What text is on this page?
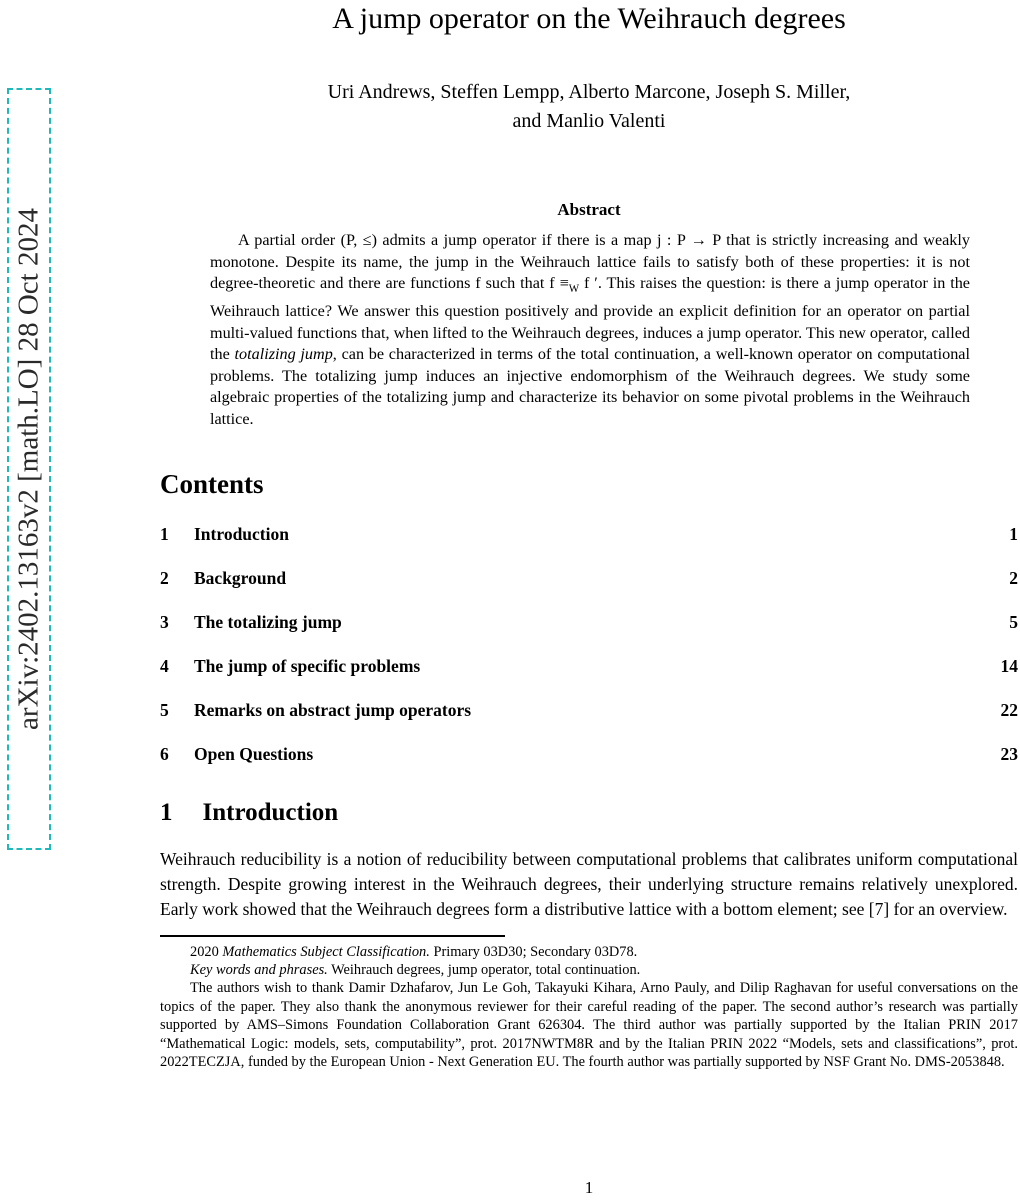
arXiv:2402.13163v2 [math.LO] 28 Oct 2024
A jump operator on the Weihrauch degrees
Uri Andrews, Steffen Lempp, Alberto Marcone, Joseph S. Miller,
and Manlio Valenti
Abstract
A partial order (P, ≤) admits a jump operator if there is a map j : P → P that is strictly increasing and weakly monotone. Despite its name, the jump in the Weihrauch lattice fails to satisfy both of these properties: it is not degree-theoretic and there are functions f such that $f \equiv_W$ f ′. This raises the question: is there a jump operator in the Weihrauch lattice? We answer this question positively and provide an explicit definition for an operator on partial multi-valued functions that, when lifted to the Weihrauch degrees, induces a jump operator. This new operator, called the totalizing jump, can be characterized in terms of the total continuation, a well-known operator on computational problems. The totalizing jump induces an injective endomorphism of the Weihrauch degrees. We study some algebraic properties of the totalizing jump and characterize its behavior on some pivotal problems in the Weihrauch lattice.
Contents
1	Introduction	1
2	Background	2
3	The totalizing jump	5
4	The jump of specific problems	14
5	Remarks on abstract jump operators	22
6	Open Questions	23
1 Introduction
Weihrauch reducibility is a notion of reducibility between computational problems that calibrates uniform computational strength. Despite growing interest in the Weihrauch degrees, their underlying structure remains relatively unexplored. Early work showed that the Weihrauch degrees form a distributive lattice with a bottom element; see [7] for an overview.

2020 Mathematics Subject Classification. Primary 03D30; Secondary 03D78.

Key words and phrases. Weihrauch degrees, jump operator, total continuation.

The authors wish to thank Damir Dzhafarov, Jun Le Goh, Takayuki Kihara, Arno Pauly, and Dilip Raghavan for useful conversations on the topics of the paper. They also thank the anonymous reviewer for their careful reading of the paper. The second author’s research was partially supported by AMS–Simons Foundation Collaboration Grant 626304. The third author was partially supported by the Italian PRIN 2017 “Mathematical Logic: models, sets, computability”, prot. 2017NWTM8R and by the Italian PRIN 2022 “Models, sets and classifications”, prot. 2022TECZJA, funded by the European Union - Next Generation EU. The fourth author was partially supported by NSF Grant No. DMS-2053848.

1
